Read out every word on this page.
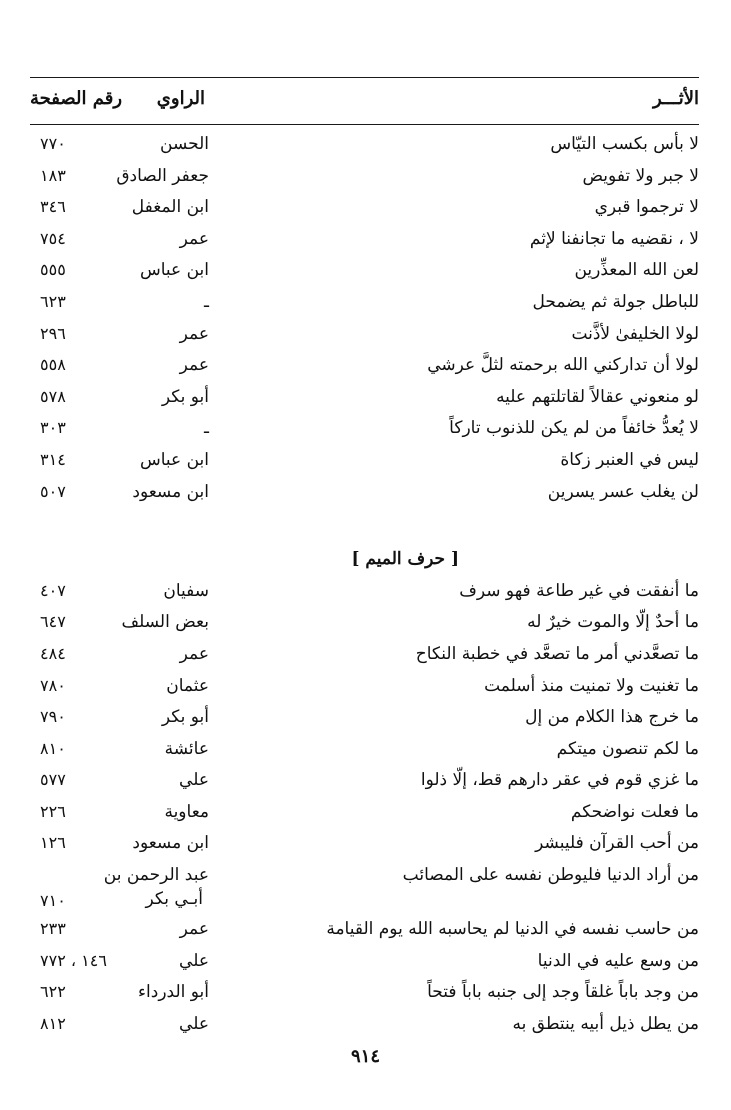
الأثـــر
الراوي
رقم الصفحة
لا بأس بكسب التيّاس
الحسن
٧٧٠
لا جبر ولا تفويض
جعفر الصادق
١٨٣
لا ترجموا قبري
ابن المغفل
٣٤٦
لا ، نقضيه ما تجانفنا لإثم
عمر
٧٥٤
لعن الله المعذِّرين
ابن عباس
٥٥٥
للباطل جولة ثم يضمحل
ـ
٦٢٣
لولا الخليفىٰ لأذَّنت
عمر
٢٩٦
لولا أن تداركني الله برحمته لثلَّ عرشي
عمر
٥٥٨
لو منعوني عقالاً لقاتلتهم عليه
أبو بكر
٥٧٨
لا يُعدُّ خائفاً من لم يكن للذنوب تاركاً
ـ
٣٠٣
ليس في العنبر زكاة
ابن عباس
٣١٤
لن يغلب عسر يسرين
ابن مسعود
٥٠٧
[ حرف الميم ]
ما أنفقت في غير طاعة فهو سرف
سفيان
٤٠٧
ما أحدٌ إلّا والموت خيرٌ له
بعض السلف
٦٤٧
ما تصعَّدني أمر ما تصعَّد في خطبة النكاح
عمر
٤٨٤
ما تغنيت ولا تمنيت منذ أسلمت
عثمان
٧٨٠
ما خرج هذا الكلام من إل
أبو بكر
٧٩٠
ما لكم تنصون ميتكم
عائشة
٨١٠
ما غزي قوم في عقر دارهم قط، إلّا ذلوا
علي
٥٧٧
ما فعلت نواضحكم
معاوية
٢٢٦
من أحب القرآن فليبشر
ابن مسعود
١٢٦
من أراد الدنيا فليوطن نفسه على المصائب
عبد الرحمن بن
أبـي بكر
٧١٠
من حاسب نفسه في الدنيا لم يحاسبه الله يوم القيامة
عمر
٢٣٣
من وسع عليه في الدنيا
علي
١٤٦ ، ٧٧٢
من وجد باباً غلقاً وجد إلى جنبه باباً فتحاً
أبو الدرداء
٦٢٢
من يطل ذيل أبيه ينتطق به
علي
٨١٢
٩١٤
